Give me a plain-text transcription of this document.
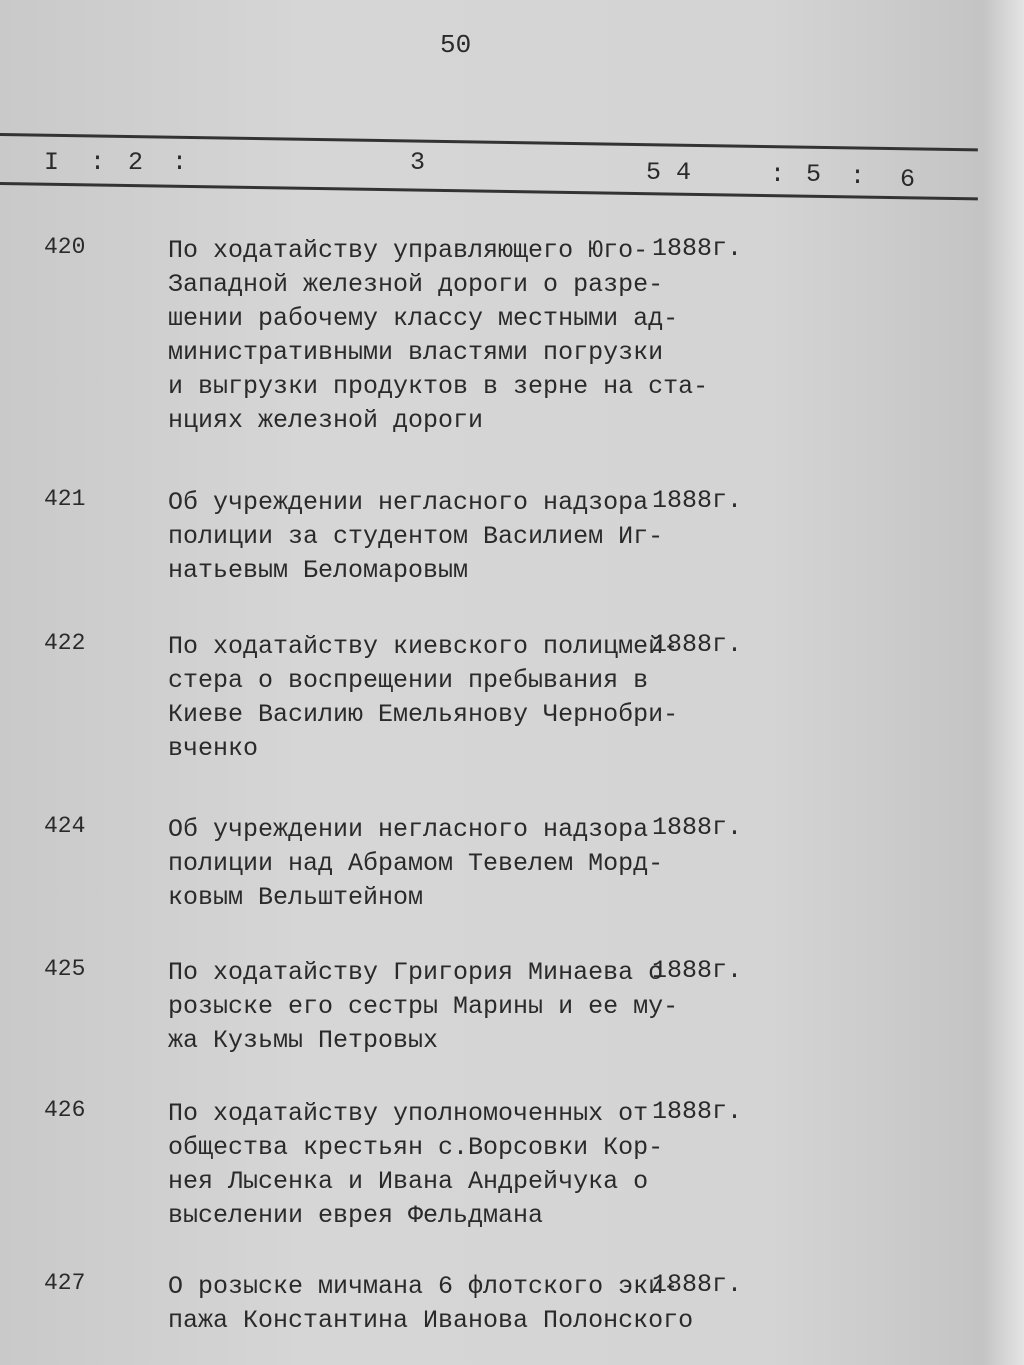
50
I : 2 :	3	5 4	: 5 : 6
420	По ходатайству управляющего Юго-
Западной железной дороги о разре-
шении рабочему классу местными ад-
министративными властями погрузки
и выгрузки продуктов в зерне на ста-
нциях железной дороги
1888г.
421	Об учреждении негласного надзора
полиции за студентом Василием Иг-
натьевым Беломаровым
1888г.
422	По ходатайству киевского полицмей-
стера о воспрещении пребывания в
Киеве Василию Емельянову Чернобри-
вченко
1888г.
424	Об учреждении негласного надзора
полиции над Абрамом Тевелем Морд-
ковым Вельштейном
1888г.
425	По ходатайству Григория Минаева о
розыске его сестры Марины и ее му-
жа Кузьмы Петровых
1888г.
426	По ходатайству уполномоченных от
общества крестьян с.Ворсовки Кор-
нея Лысенка и Ивана Андрейчука о
выселении еврея Фельдмана
1888г.
427	О розыске мичмана 6 флотского эки-
пажа Константина Иванова Полонского
1888г.
